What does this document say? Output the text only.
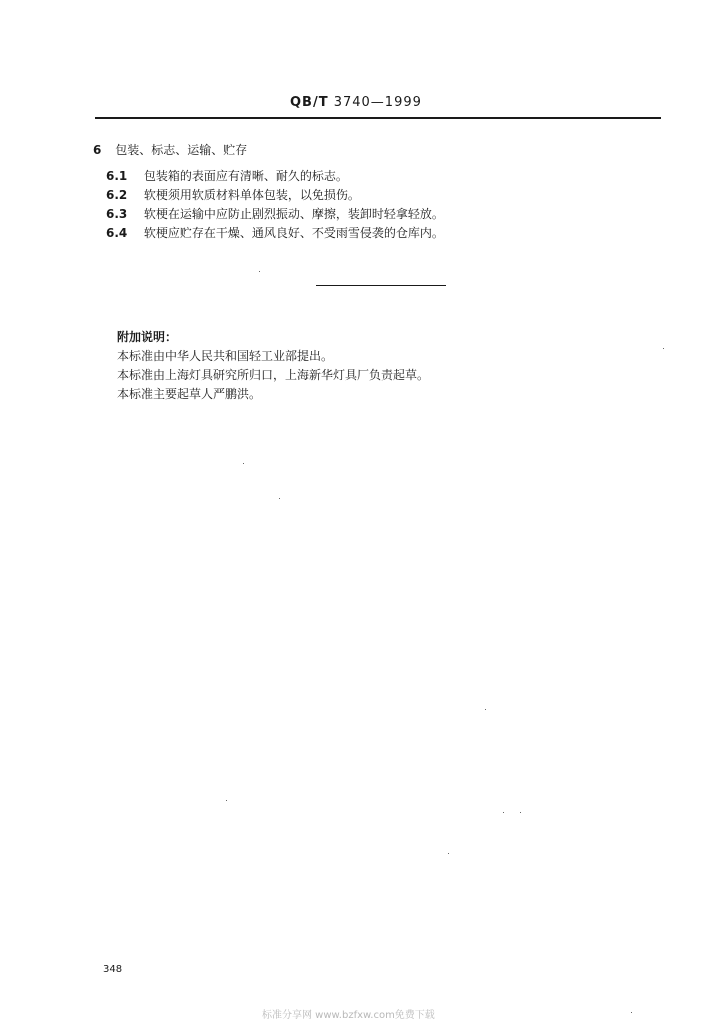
QB/T 3740—1999
6 包装、标志、运输、贮存
6.1 包装箱的表面应有清晰、耐久的标志。
6.2 软梗须用软质材料单体包装，以免损伤。
6.3 软梗在运输中应防止剧烈振动、摩擦，装卸时轻拿轻放。
6.4 软梗应贮存在干燥、通风良好、不受雨雪侵袭的仓库内。
附加说明：
本标准由中华人民共和国轻工业部提出。
本标准由上海灯具研究所归口，上海新华灯具厂负责起草。
本标准主要起草人严鹏洪。
348
标准分享网 www.bzfxw.com免费下载
